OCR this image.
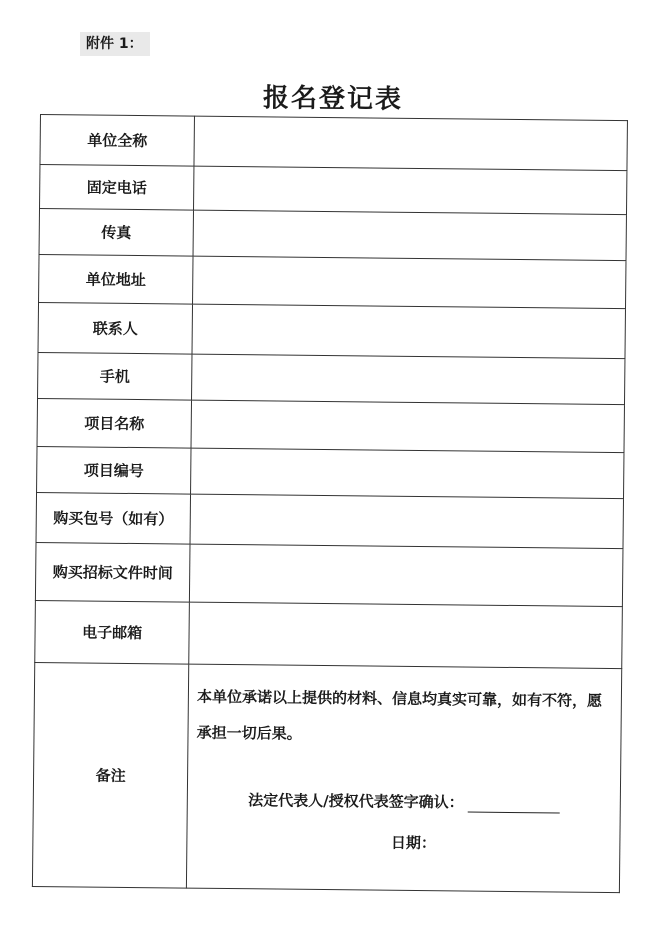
附件 1：
报名登记表
单位全称	
固定电话	
传真	
单位地址	
联系人	
手机	
项目名称	
项目编号	
购买包号（如有）	
购买招标文件时间	
电子邮箱	
备注	本单位承诺以上提供的材料、信息均真实可靠，如有不符，愿承担一切后果。
法定代表人/授权代表签字确认：
日期：
